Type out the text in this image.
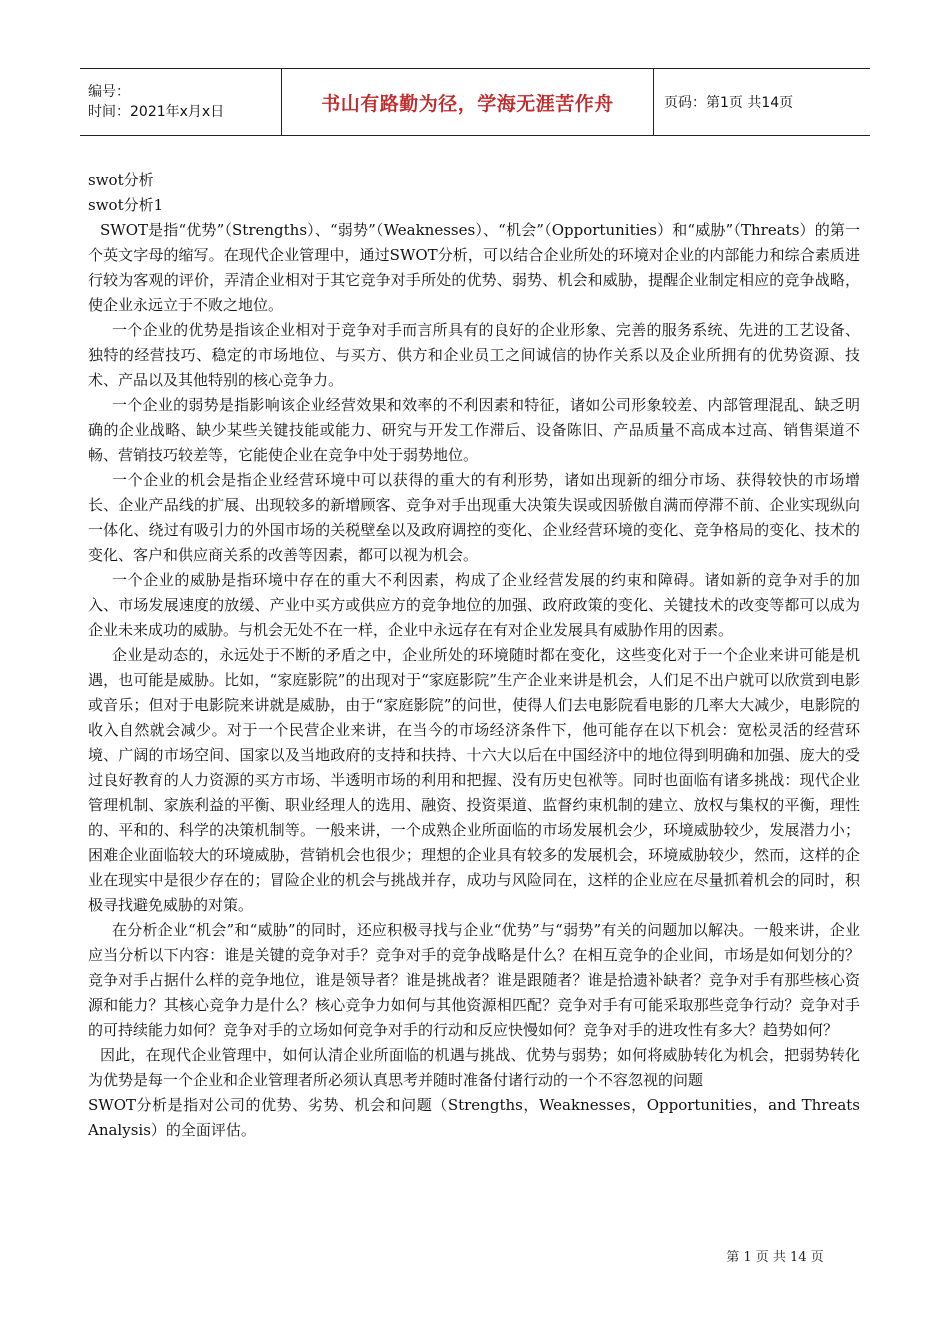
编号：
时间：2021年x月x日	书山有路勤为径，学海无涯苦作舟	页码：第1页 共14页

swot分析

swot分析1

SWOT是指“优势”（Strengths）、“弱势”（Weaknesses）、“机会”（Opportunities）和“威胁”（Threats）的第一个英文字母的缩写。在现代企业管理中，通过SWOT分析，可以结合企业所处的环境对企业的内部能力和综合素质进行较为客观的评价，弄清企业相对于其它竞争对手所处的优势、弱势、机会和威胁，提醒企业制定相应的竞争战略，使企业永远立于不败之地位。

一个企业的优势是指该企业相对于竞争对手而言所具有的良好的企业形象、完善的服务系统、先进的工艺设备、独特的经营技巧、稳定的市场地位、与买方、供方和企业员工之间诚信的协作关系以及企业所拥有的优势资源、技术、产品以及其他特别的核心竞争力。

一个企业的弱势是指影响该企业经营效果和效率的不利因素和特征，诸如公司形象较差、内部管理混乱、缺乏明确的企业战略、缺少某些关键技能或能力、研究与开发工作滞后、设备陈旧、产品质量不高成本过高、销售渠道不畅、营销技巧较差等，它能使企业在竞争中处于弱势地位。

一个企业的机会是指企业经营环境中可以获得的重大的有利形势，诸如出现新的细分市场、获得较快的市场增长、企业产品线的扩展、出现较多的新增顾客、竞争对手出现重大决策失误或因骄傲自满而停滞不前、企业实现纵向一体化、绕过有吸引力的外国市场的关税壁垒以及政府调控的变化、企业经营环境的变化、竞争格局的变化、技术的变化、客户和供应商关系的改善等因素，都可以视为机会。

一个企业的威胁是指环境中存在的重大不利因素，构成了企业经营发展的约束和障碍。诸如新的竞争对手的加入、市场发展速度的放缓、产业中买方或供应方的竞争地位的加强、政府政策的变化、关键技术的改变等都可以成为企业未来成功的威胁。与机会无处不在一样，企业中永远存在有对企业发展具有威胁作用的因素。

企业是动态的，永远处于不断的矛盾之中，企业所处的环境随时都在变化，这些变化对于一个企业来讲可能是机遇，也可能是威胁。比如，“家庭影院”的出现对于“家庭影院”生产企业来讲是机会，人们足不出户就可以欣赏到电影或音乐；但对于电影院来讲就是威胁，由于“家庭影院”的问世，使得人们去电影院看电影的几率大大减少，电影院的收入自然就会减少。对于一个民营企业来讲，在当今的市场经济条件下，他可能存在以下机会：宽松灵活的经营环境、广阔的市场空间、国家以及当地政府的支持和扶持、十六大以后在中国经济中的地位得到明确和加强、庞大的受过良好教育的人力资源的买方市场、半透明市场的利用和把握、没有历史包袱等。同时也面临有诸多挑战：现代企业管理机制、家族利益的平衡、职业经理人的选用、融资、投资渠道、监督约束机制的建立、放权与集权的平衡，理性的、平和的、科学的决策机制等。一般来讲，一个成熟企业所面临的市场发展机会少，环境威胁较少，发展潜力小；困难企业面临较大的环境威胁，营销机会也很少；理想的企业具有较多的发展机会，环境威胁较少，然而，这样的企业在现实中是很少存在的；冒险企业的机会与挑战并存，成功与风险同在，这样的企业应在尽量抓着机会的同时，积极寻找避免威胁的对策。

在分析企业“机会”和“威胁”的同时，还应积极寻找与企业“优势”与“弱势”有关的问题加以解决。一般来讲，企业应当分析以下内容：谁是关键的竞争对手？竞争对手的竞争战略是什么？在相互竞争的企业间，市场是如何划分的？竞争对手占据什么样的竞争地位，谁是领导者？谁是挑战者？谁是跟随者？谁是拾遗补缺者？竞争对手有那些核心资源和能力？其核心竞争力是什么？核心竞争力如何与其他资源相匹配？竞争对手有可能采取那些竞争行动？竞争对手的可持续能力如何？竞争对手的立场如何竞争对手的行动和反应快慢如何？竞争对手的进攻性有多大？趋势如何？

因此，在现代企业管理中，如何认清企业所面临的机遇与挑战、优势与弱势；如何将威胁转化为机会，把弱势转化为优势是每一个企业和企业管理者所必须认真思考并随时准备付诸行动的一个不容忽视的问题

SWOT分析是指对公司的优势、劣势、机会和问题（Strengths，Weaknesses，Opportunities，and Threats Analysis）的全面评估。

第 1 页 共 14 页
